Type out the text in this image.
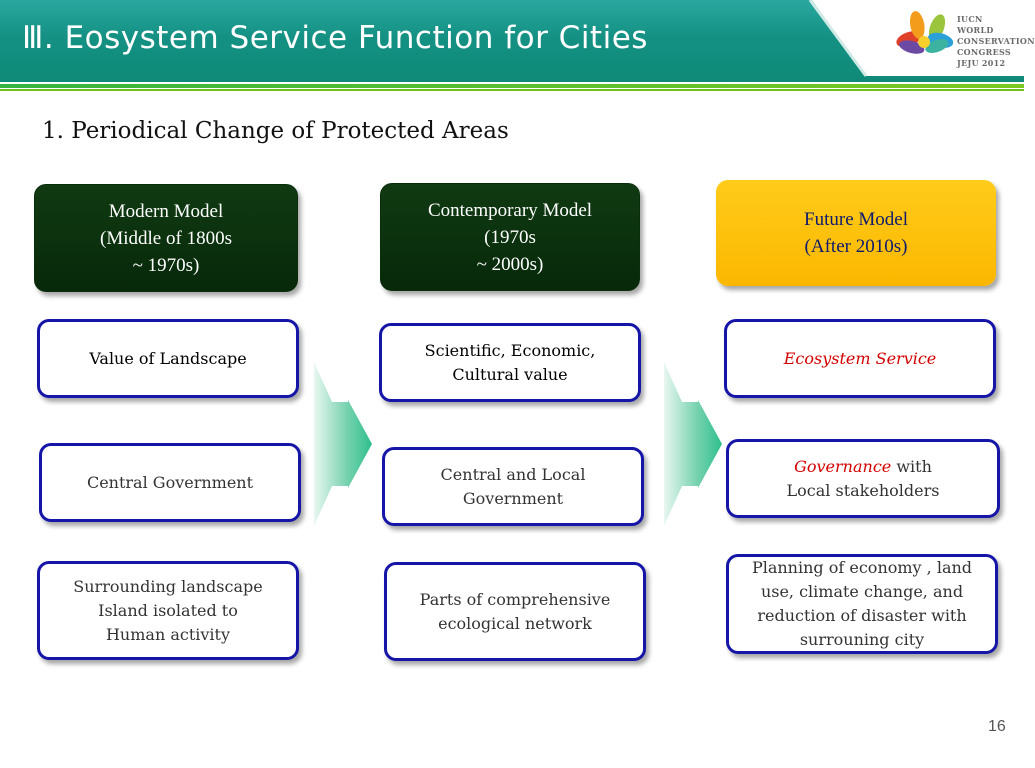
Ⅲ. Eosystem Service Function for Cities
IUCN
WORLD
CONSERVATION
CONGRESS
JEJU 2012
1. Periodical Change of Protected Areas
Modern Model
(Middle of 1800s
~ 1970s)
Contemporary Model
(1970s
~ 2000s)
Future Model
(After 2010s)
Value of Landscape
Central Government
Surrounding landscape
Island isolated to
Human activity
Scientific, Economic,
Cultural value
Central and Local
Government
Parts of comprehensive
ecological network
Ecosystem Service
Governance with
Local stakeholders
Planning of economy , land
use, climate change, and
reduction of disaster with
surrouning city
16
